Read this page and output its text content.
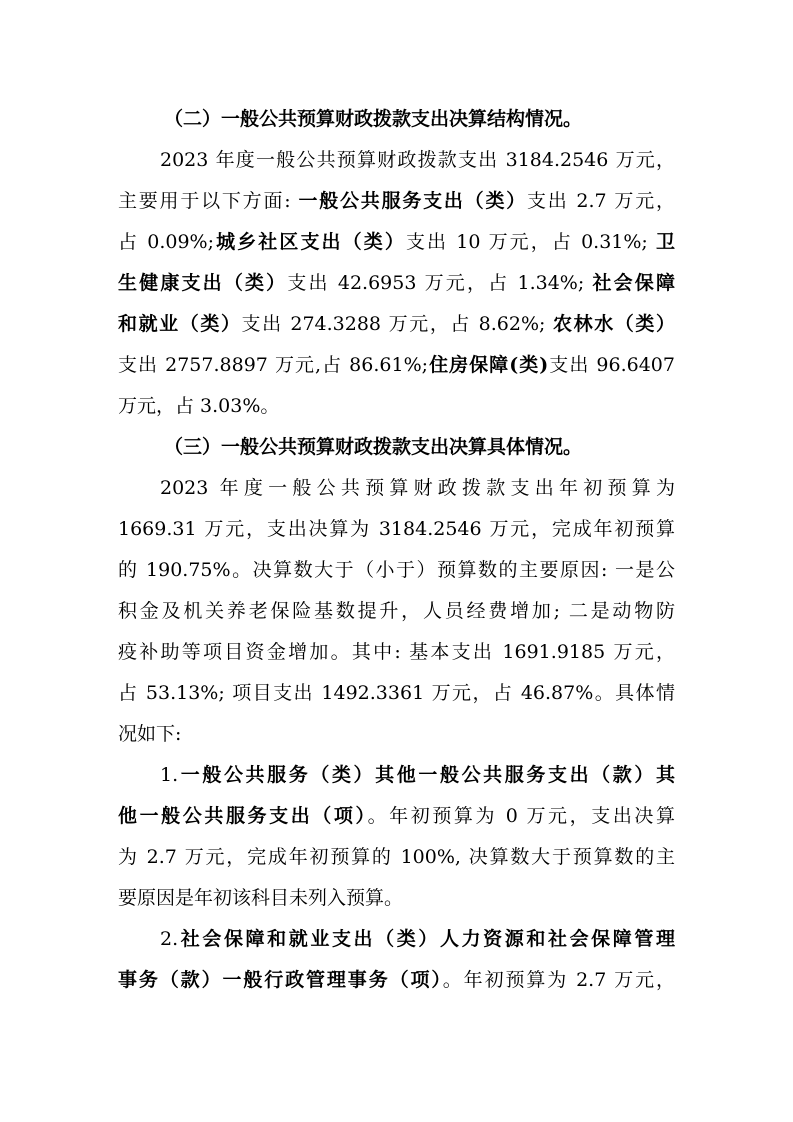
（二）一般公共预算财政拨款支出决算结构情况。
2023 年度一般公共预算财政拨款支出 3184.2546 万元，
主要用于以下方面: 一般公共服务支出（类）支出 2.7 万元，
占 0.09%;城乡社区支出（类）支出 10 万元，占 0.31%; 卫
生健康支出（类）支出 42.6953 万元，占 1.34%; 社会保障
和就业（类）支出 274.3288 万元，占 8.62%; 农林水（类）
支出 2757.8897 万元,占 86.61%;住房保障(类)支出 96.6407
万元，占 3.03%。
（三）一般公共预算财政拨款支出决算具体情况。
2023 年度一般公共预算财政拨款支出年初预算为
1669.31 万元，支出决算为 3184.2546 万元，完成年初预算
的 190.75%。决算数大于（小于）预算数的主要原因: 一是公
积金及机关养老保险基数提升，人员经费增加; 二是动物防
疫补助等项目资金增加。其中: 基本支出 1691.9185 万元，
占 53.13%; 项目支出 1492.3361 万元，占 46.87%。具体情
况如下:
1.一般公共服务（类）其他一般公共服务支出（款）其
他一般公共服务支出（项）。年初预算为 0 万元，支出决算
为 2.7 万元，完成年初预算的 100%, 决算数大于预算数的主
要原因是年初该科目未列入预算。
2.社会保障和就业支出（类）人力资源和社会保障管理
事务（款）一般行政管理事务（项）。年初预算为 2.7 万元，
